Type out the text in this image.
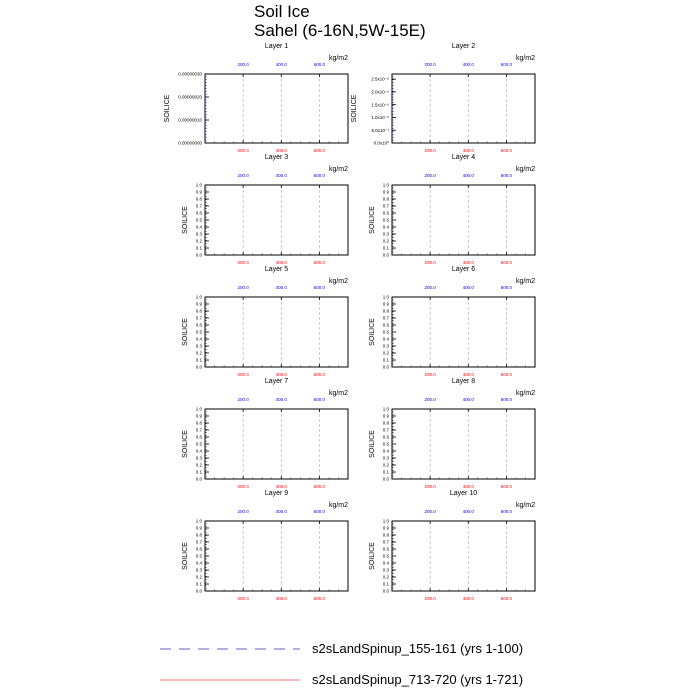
Soil Ice
Sahel (6-16N,5W-15E)
Layer 1
kg/m2
200.0
200.0
400.0
400.0
600.0
600.0
0.00000000
0.00000010
0.00000020
0.00000030
SOILICE
Layer 2
kg/m2
200.0
200.0
400.0
400.0
600.0
600.0
0.0x10⁰
5.0x10⁻⁷
1.0x10⁻⁶
1.5x10⁻⁶
2.0x10⁻⁶
2.5x10⁻⁶
SOILICE
Layer 3
kg/m2
200.0
200.0
400.0
400.0
600.0
600.0
0.0
0.1
0.2
0.3
0.4
0.5
0.6
0.7
0.8
0.9
1.0
SOILICE
Layer 4
kg/m2
200.0
200.0
400.0
400.0
600.0
600.0
0.0
0.1
0.2
0.3
0.4
0.5
0.6
0.7
0.8
0.9
1.0
SOILICE
Layer 5
kg/m2
200.0
200.0
400.0
400.0
600.0
600.0
0.0
0.1
0.2
0.3
0.4
0.5
0.6
0.7
0.8
0.9
1.0
SOILICE
Layer 6
kg/m2
200.0
200.0
400.0
400.0
600.0
600.0
0.0
0.1
0.2
0.3
0.4
0.5
0.6
0.7
0.8
0.9
1.0
SOILICE
Layer 7
kg/m2
200.0
200.0
400.0
400.0
600.0
600.0
0.0
0.1
0.2
0.3
0.4
0.5
0.6
0.7
0.8
0.9
1.0
SOILICE
Layer 8
kg/m2
200.0
200.0
400.0
400.0
600.0
600.0
0.0
0.1
0.2
0.3
0.4
0.5
0.6
0.7
0.8
0.9
1.0
SOILICE
Layer 9
kg/m2
200.0
200.0
400.0
400.0
600.0
600.0
0.0
0.1
0.2
0.3
0.4
0.5
0.6
0.7
0.8
0.9
1.0
SOILICE
Layer 10
kg/m2
200.0
200.0
400.0
400.0
600.0
600.0
0.0
0.1
0.2
0.3
0.4
0.5
0.6
0.7
0.8
0.9
1.0
SOILICE
s2sLandSpinup_155-161 (yrs 1-100)
s2sLandSpinup_713-720 (yrs 1-721)
